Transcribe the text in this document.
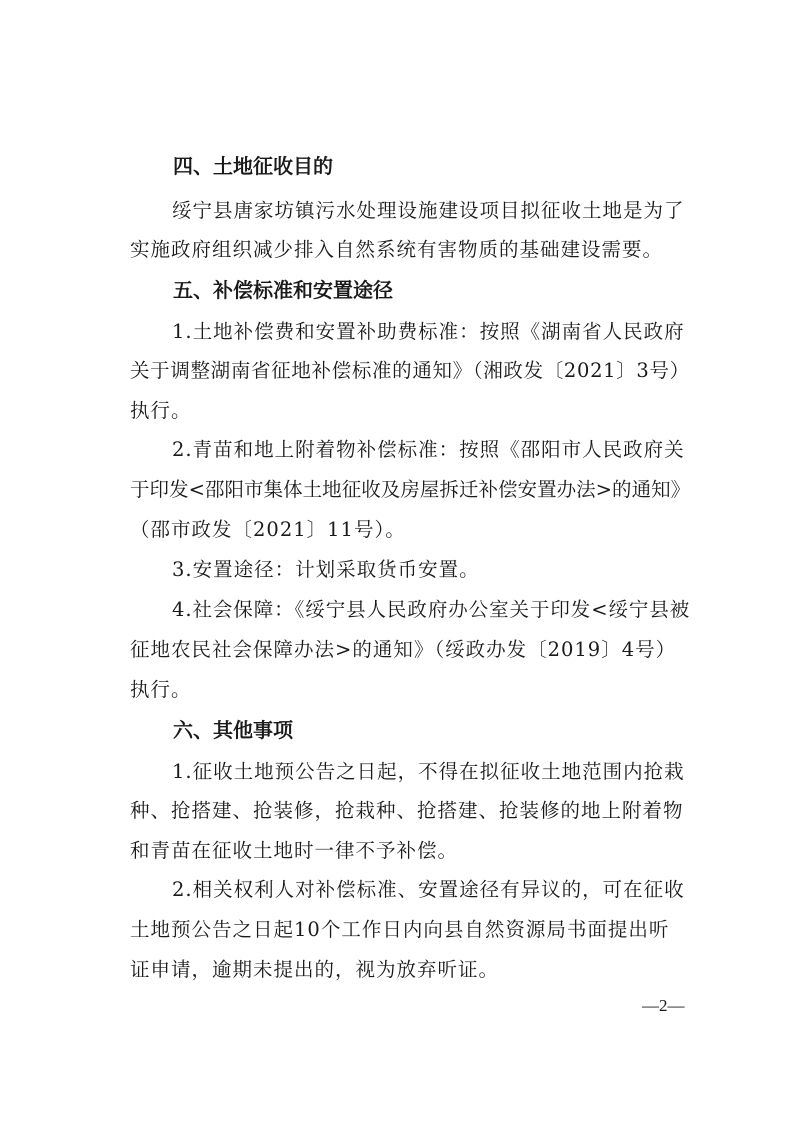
四、土地征收目的
绥宁县唐家坊镇污水处理设施建设项目拟征收土地是为了
实施政府组织减少排入自然系统有害物质的基础建设需要。
五、补偿标准和安置途径
1.土地补偿费和安置补助费标准：按照《湖南省人民政府
关于调整湖南省征地补偿标准的通知》（湘政发〔2021〕3号）
执行。
2.青苗和地上附着物补偿标准：按照《邵阳市人民政府关
于印发<邵阳市集体土地征收及房屋拆迁补偿安置办法>的通知》
（邵市政发〔2021〕11号）。
3.安置途径：计划采取货币安置。
4.社会保障：《绥宁县人民政府办公室关于印发<绥宁县被
征地农民社会保障办法>的通知》（绥政办发〔2019〕4号）
执行。
六、其他事项
1.征收土地预公告之日起，不得在拟征收土地范围内抢栽
种、抢搭建、抢装修，抢栽种、抢搭建、抢装修的地上附着物
和青苗在征收土地时一律不予补偿。
2.相关权利人对补偿标准、安置途径有异议的，可在征收
土地预公告之日起10个工作日内向县自然资源局书面提出听
证申请，逾期未提出的，视为放弃听证。
—2—
